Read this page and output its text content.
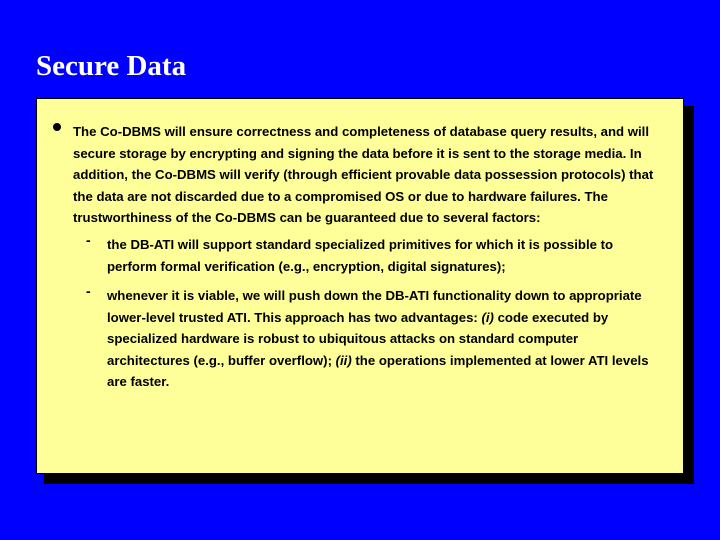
Secure Data

The Co-DBMS will ensure correctness and completeness of database query results, and will secure storage by encrypting and signing the data before it is sent to the storage media. In addition, the Co-DBMS will verify (through efficient provable data possession protocols) that the data are not discarded due to a compromised OS or due to hardware failures. The trustworthiness of the Co-DBMS can be guaranteed due to several factors:

- the DB-ATI will support standard specialized primitives for which it is possible to perform formal verification (e.g., encryption, digital signatures);

- whenever it is viable, we will push down the DB-ATI functionality down to appropriate lower-level trusted ATI. This approach has two advantages: (i) code executed by specialized hardware is robust to ubiquitous attacks on standard computer architectures (e.g., buffer overflow); (ii) the operations implemented at lower ATI levels are faster.
